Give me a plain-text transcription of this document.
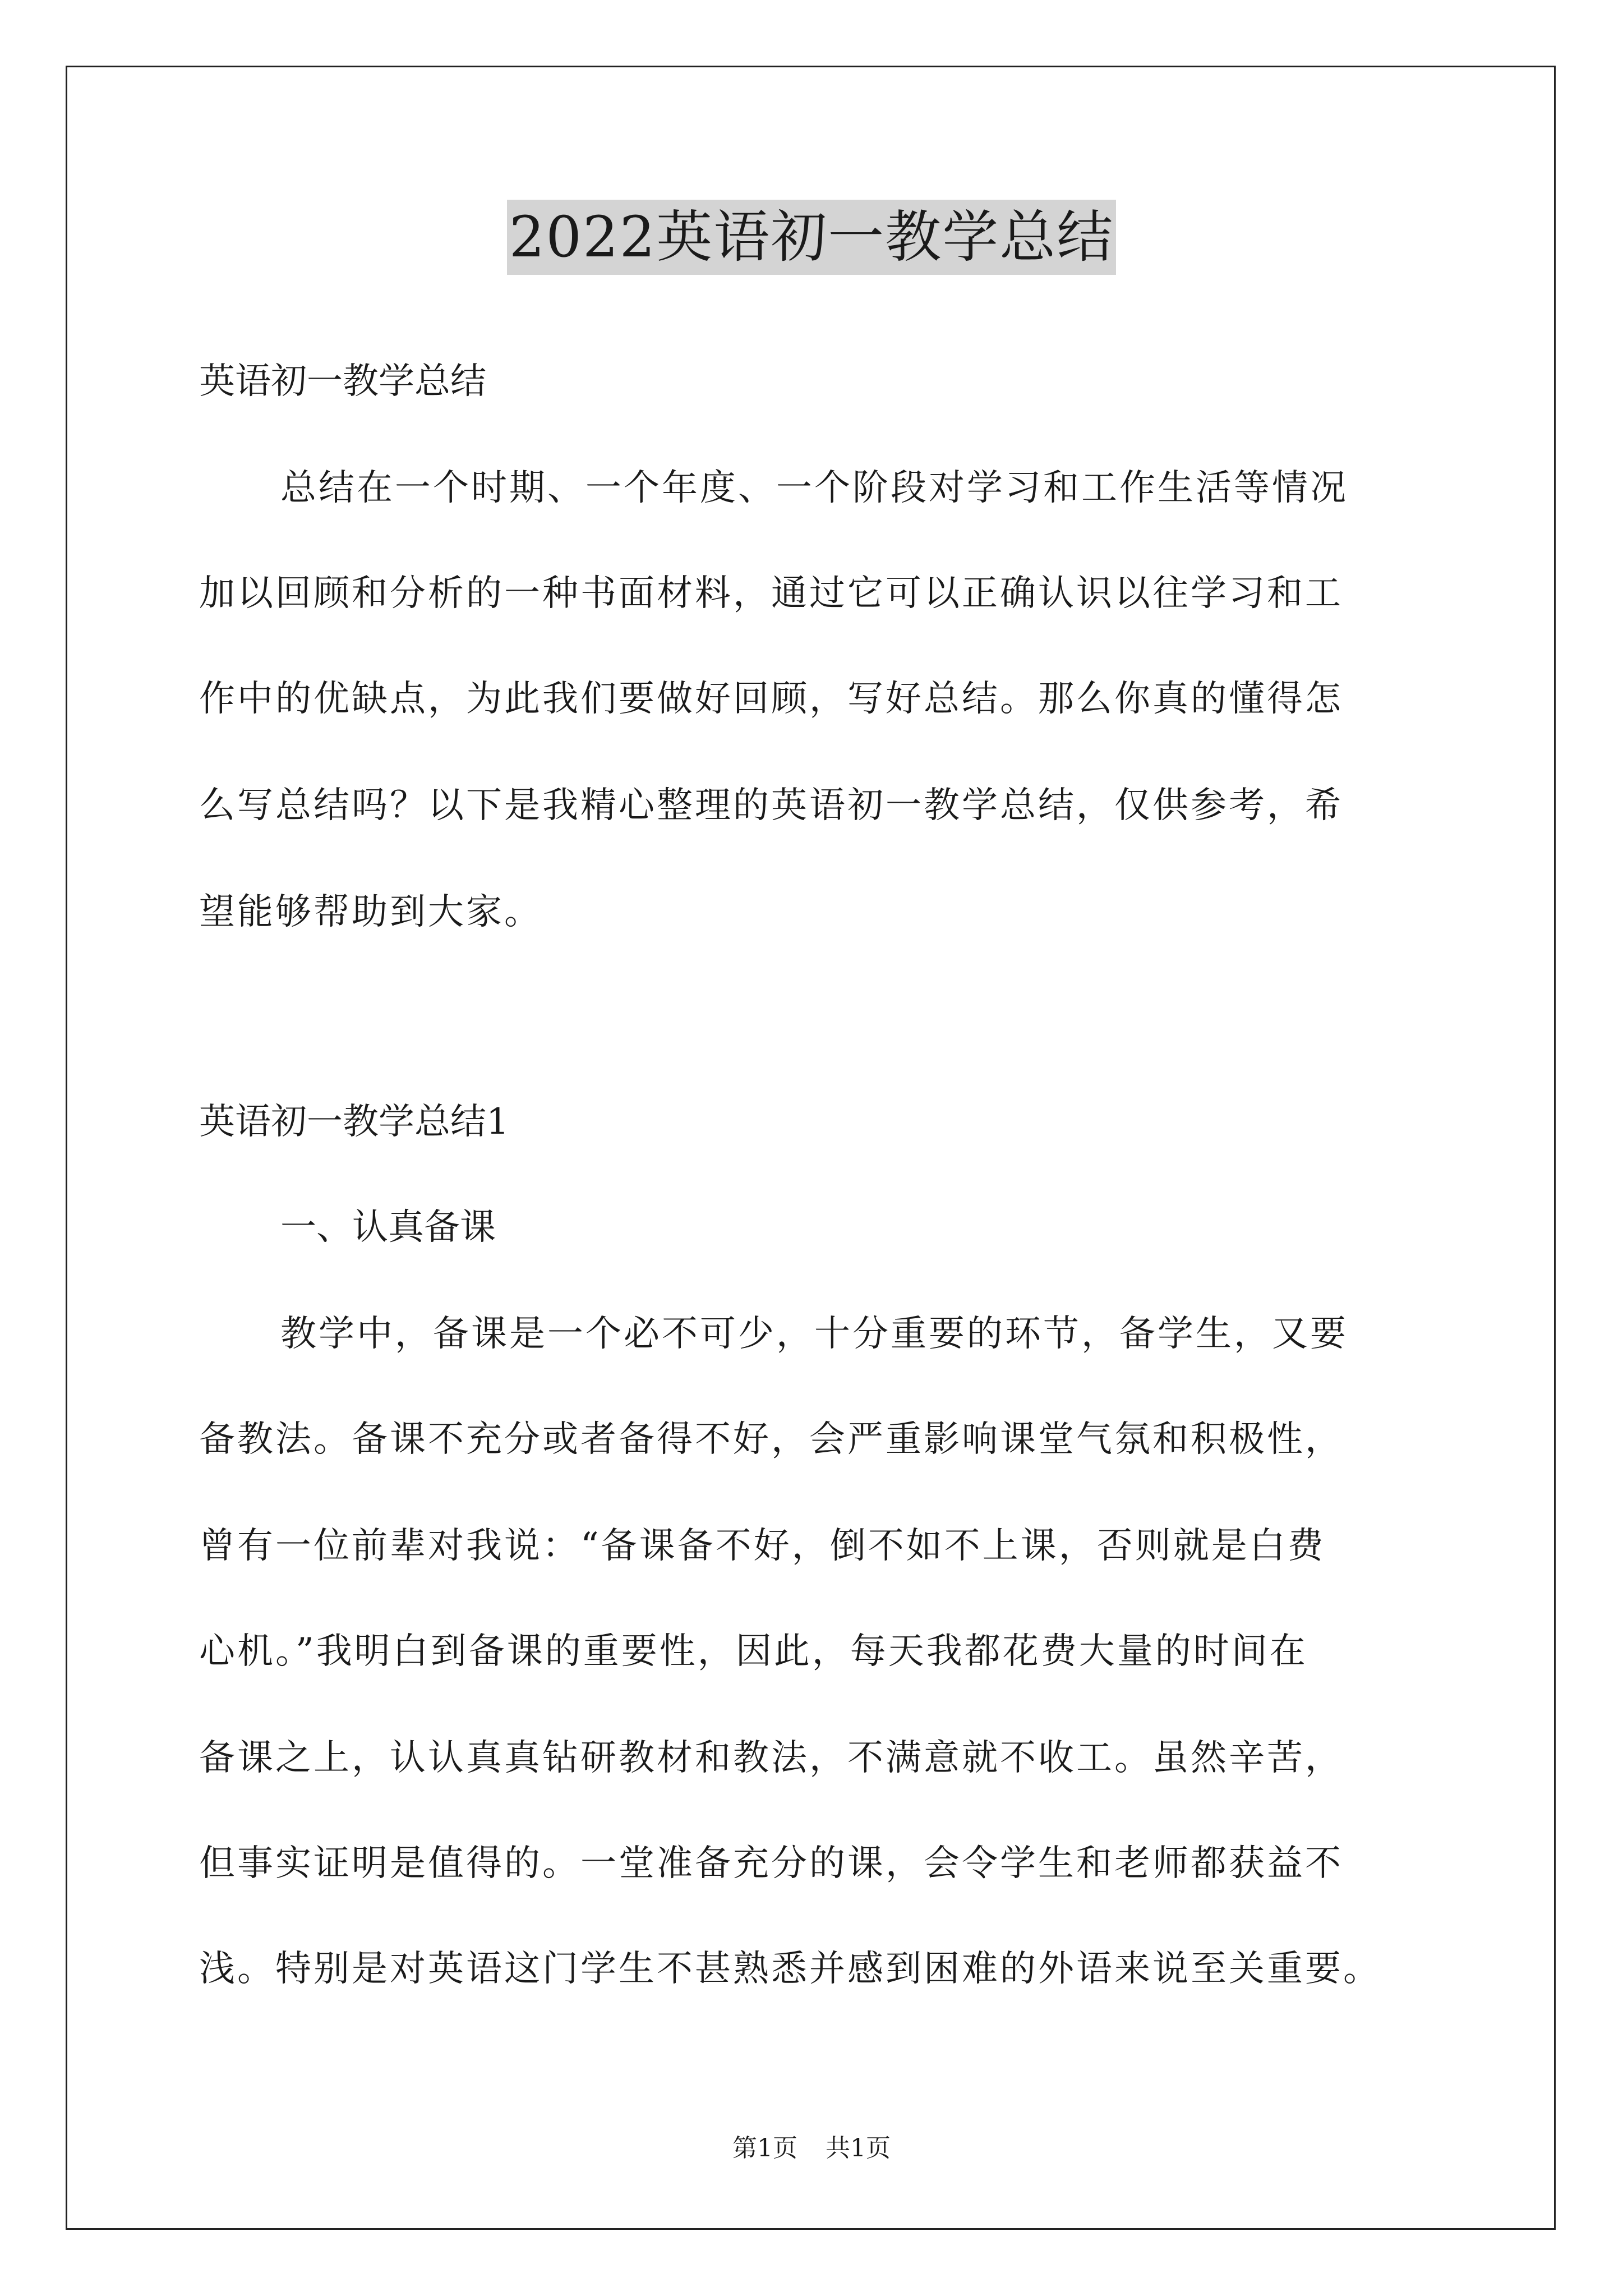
2022英语初一教学总结
英语初一教学总结
总结在一个时期、一个年度、一个阶段对学习和工作生活等情况
加以回顾和分析的一种书面材料，通过它可以正确认识以往学习和工
作中的优缺点，为此我们要做好回顾，写好总结。那么你真的懂得怎
么写总结吗？以下是我精心整理的英语初一教学总结，仅供参考，希
望能够帮助到大家。
英语初一教学总结1
一、认真备课
教学中，备课是一个必不可少，十分重要的环节，备学生，又要
备教法。备课不充分或者备得不好，会严重影响课堂气氛和积极性，
曾有一位前辈对我说：“备课备不好，倒不如不上课，否则就是白费
心机。”我明白到备课的重要性，因此，每天我都花费大量的时间在
备课之上，认认真真钻研教材和教法，不满意就不收工。虽然辛苦，
但事实证明是值得的。一堂准备充分的课，会令学生和老师都获益不
浅。特别是对英语这门学生不甚熟悉并感到困难的外语来说至关重要。
第1页 共1页
